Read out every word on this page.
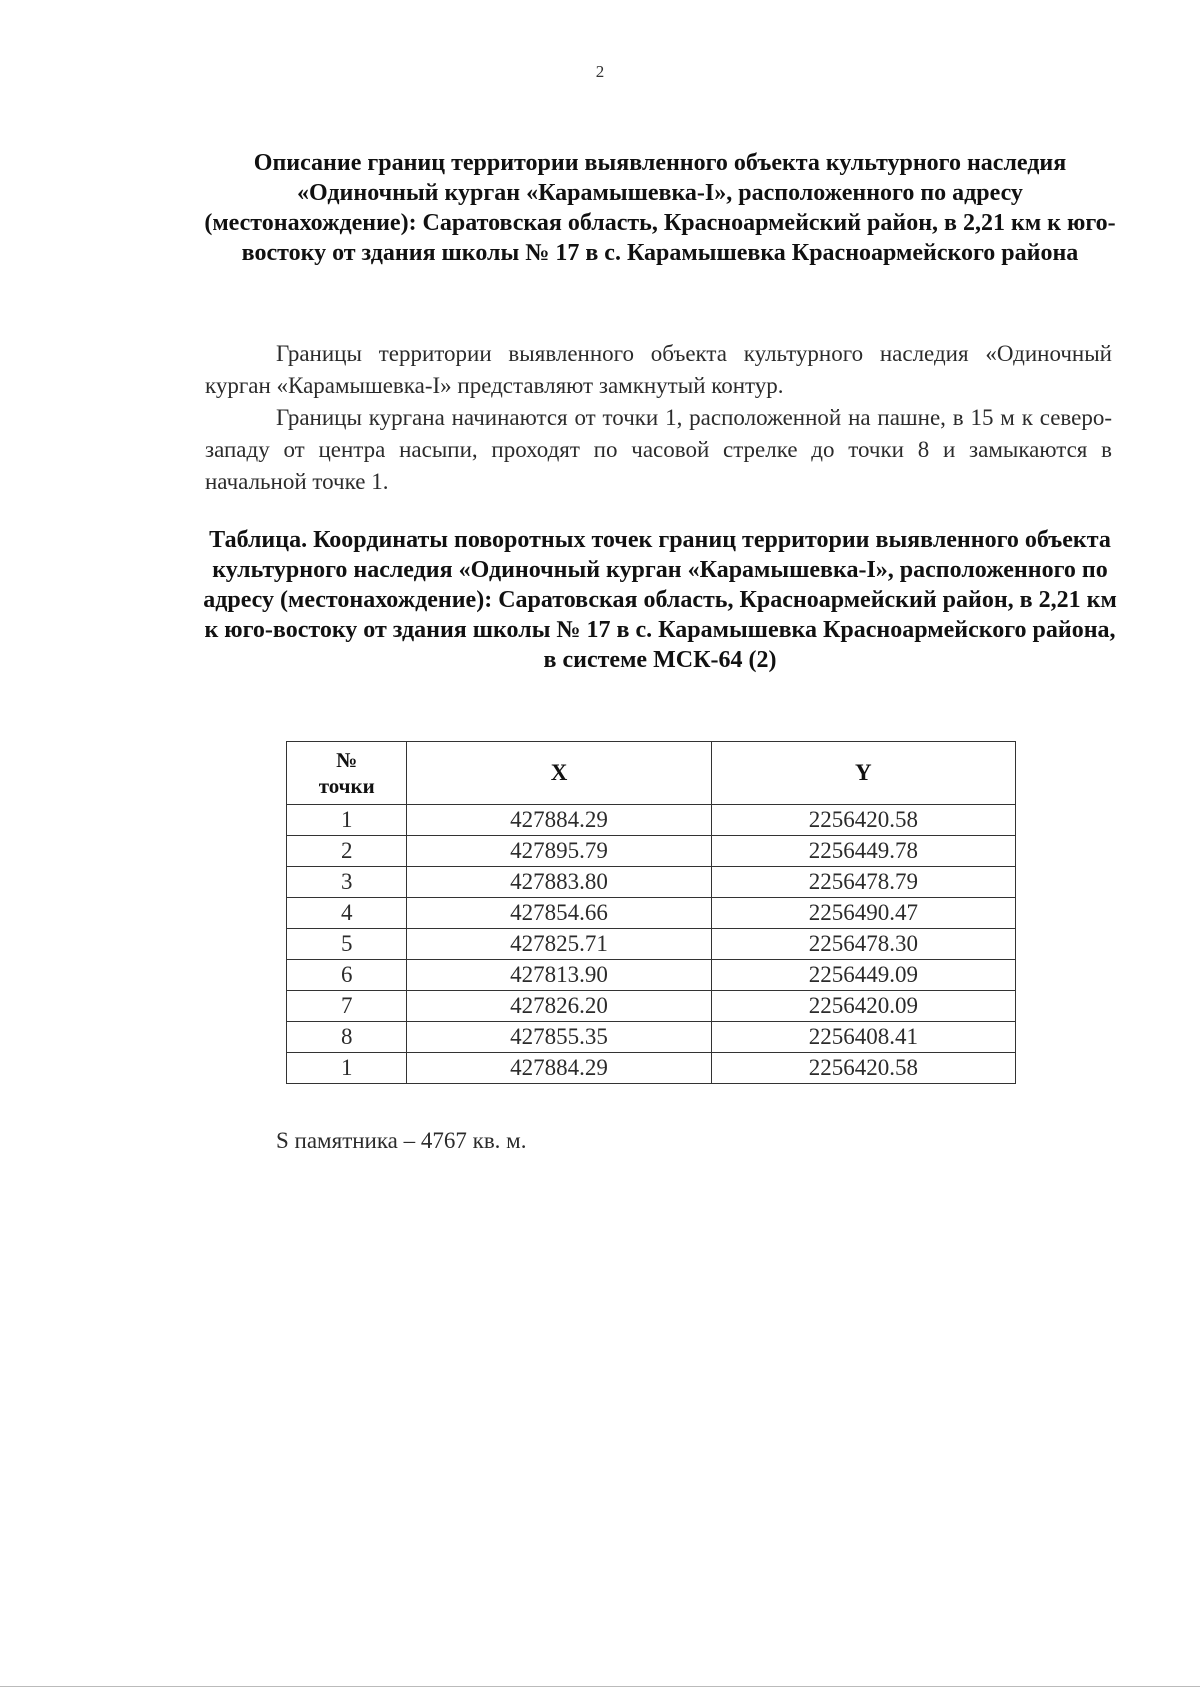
2
Описание границ территории выявленного объекта культурного наследия «Одиночный курган «Карамышевка-I», расположенного по адресу (местонахождение): Саратовская область, Красноармейский район, в 2,21 км к юго-востоку от здания школы № 17 в с. Карамышевка Красноармейского района

Границы территории выявленного объекта культурного наследия «Одиночный курган «Карамышевка-I» представляют замкнутый контур.

Границы кургана начинаются от точки 1, расположенной на пашне, в 15 м к северо-западу от центра насыпи, проходят по часовой стрелке до точки 8 и замыкаются в начальной точке 1.

Таблица. Координаты поворотных точек границ территории выявленного объекта культурного наследия «Одиночный курган «Карамышевка-I», расположенного по адресу (местонахождение): Саратовская область, Красноармейский район, в 2,21 км к юго-востоку от здания школы № 17 в с. Карамышевка Красноармейского района, в системе МСК-64 (2)
№
точки	X	Y
1	427884.29	2256420.58
2	427895.79	2256449.78
3	427883.80	2256478.79
4	427854.66	2256490.47
5	427825.71	2256478.30
6	427813.90	2256449.09
7	427826.20	2256420.09
8	427855.35	2256408.41
1	427884.29	2256420.58
S памятника – 4767 кв. м.
